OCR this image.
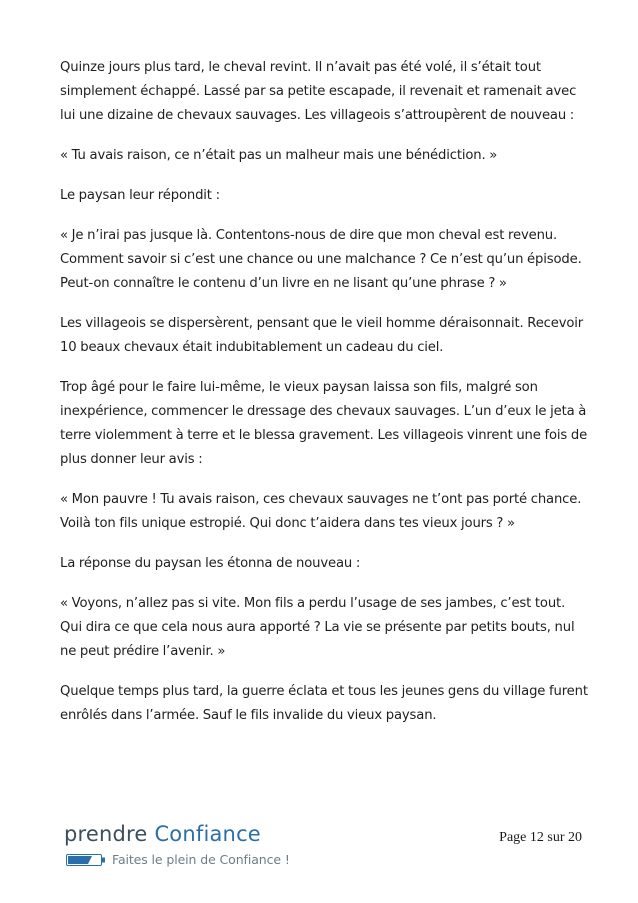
Quinze jours plus tard, le cheval revint. Il n’avait pas été volé, il s’était tout simplement échappé. Lassé par sa petite escapade, il revenait et ramenait avec lui une dizaine de chevaux sauvages. Les villageois s’attroupèrent de nouveau :

« Tu avais raison, ce n’était pas un malheur mais une bénédiction. »

Le paysan leur répondit :

« Je n’irai pas jusque là. Contentons-nous de dire que mon cheval est revenu. Comment savoir si c’est une chance ou une malchance ? Ce n’est qu’un épisode. Peut-on connaître le contenu d’un livre en ne lisant qu’une phrase ? »

Les villageois se dispersèrent, pensant que le vieil homme déraisonnait. Recevoir 10 beaux chevaux était indubitablement un cadeau du ciel.

Trop âgé pour le faire lui-même, le vieux paysan laissa son fils, malgré son inexpérience, commencer le dressage des chevaux sauvages. L’un d’eux le jeta à terre violemment à terre et le blessa gravement. Les villageois vinrent une fois de plus donner leur avis :

« Mon pauvre ! Tu avais raison, ces chevaux sauvages ne t’ont pas porté chance. Voilà ton fils unique estropié. Qui donc t’aidera dans tes vieux jours ? »

La réponse du paysan les étonna de nouveau :

« Voyons, n’allez pas si vite. Mon fils a perdu l’usage de ses jambes, c’est tout. Qui dira ce que cela nous aura apporté ? La vie se présente par petits bouts, nul ne peut prédire l’avenir. »

Quelque temps plus tard, la guerre éclata et tous les jeunes gens du village furent enrôlés dans l’armée. Sauf le fils invalide du vieux paysan.

prendre Confiance
Faites le plein de Confiance !
Page 12 sur 20
